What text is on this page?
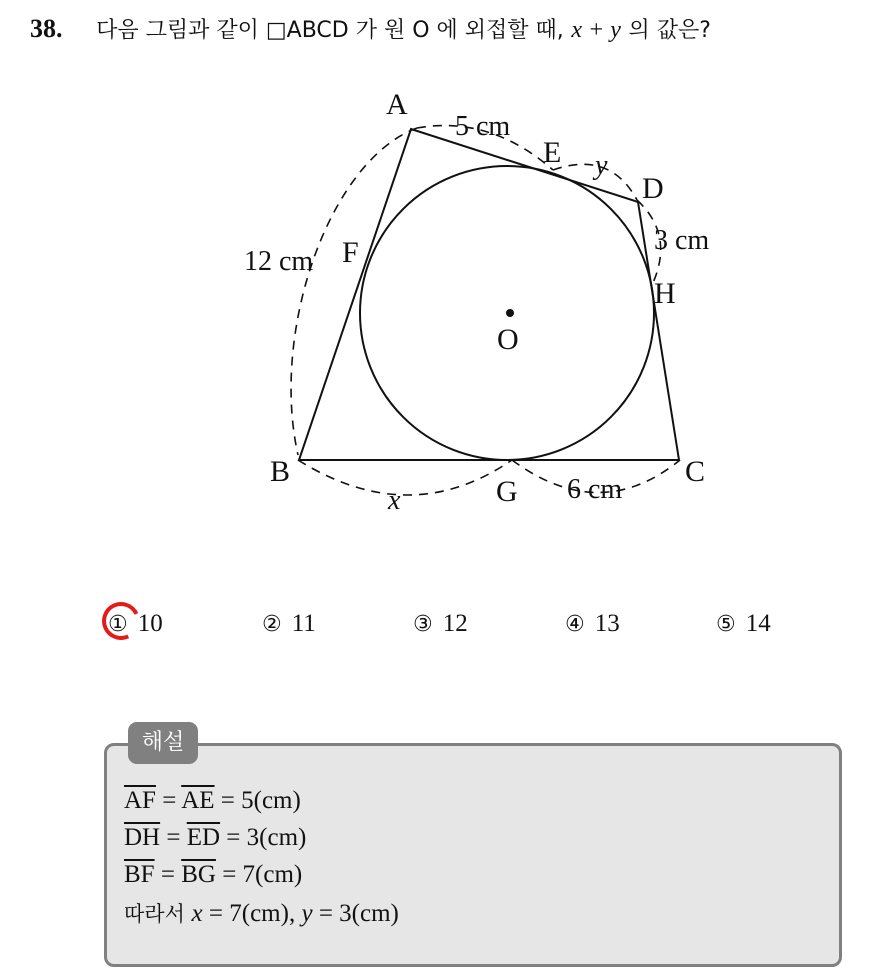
38. 다음 그림과 같이 □ABCD 가 원 O 에 외접할 때, x + y 의 값은?
A
B	C
D
E
F
G
H
O
5 cm
12 cm
3 cm
6 cm
y
x
① 10	② 11	③ 12	④ 13	⑤ 14
해설
$\overline{AF} = \overline{AE} = 5(cm)$
$\overline{DH} = \overline{ED} = 3(cm)$
$\overline{BF} = \overline{BG} = 7(cm)$
따라서 x = 7(cm), y = 3(cm)
